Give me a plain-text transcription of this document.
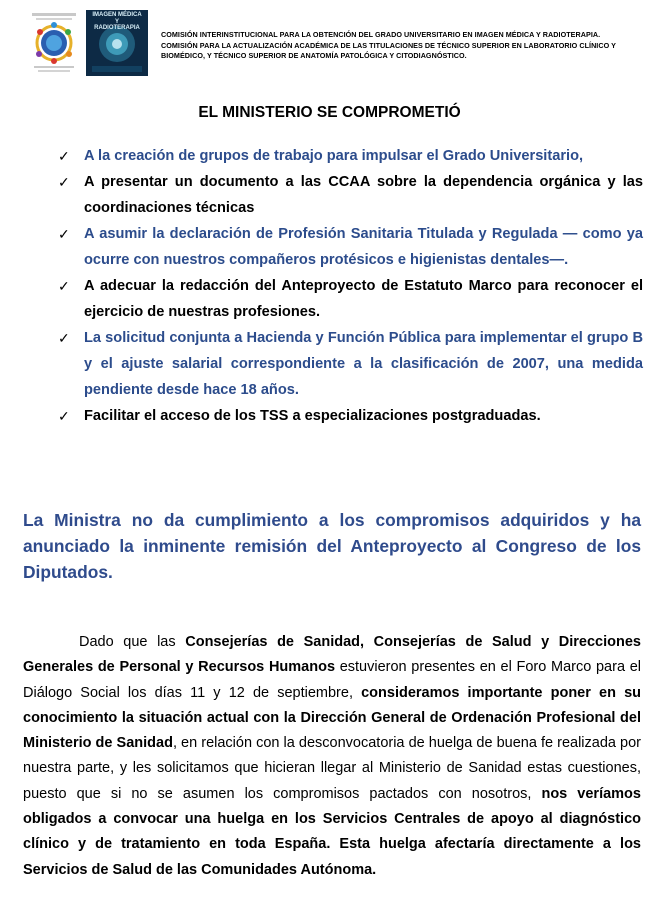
IMAGEN MÉDICA
Y
RADIOTERAPIA
COMISIÓN INTERINSTITUCIONAL PARA LA OBTENCIÓN DEL GRADO UNIVERSITARIO EN IMAGEN MÉDICA Y RADIOTERAPIA.
COMISIÓN PARA LA ACTUALIZACIÓN ACADÉMICA DE LAS TITULACIONES DE TÉCNICO SUPERIOR EN LABORATORIO CLÍNICO Y
BIOMÉDICO, Y TÉCNICO SUPERIOR DE ANATOMÍA PATOLÓGICA Y CITODIAGNÓSTICO.
EL MINISTERIO SE COMPROMETIÓ
✓ A la creación de grupos de trabajo para impulsar el Grado Universitario,
✓ A presentar un documento a las CCAA sobre la dependencia orgánica y las coordinaciones técnicas
✓ A asumir la declaración de Profesión Sanitaria Titulada y Regulada — como ya ocurre con nuestros compañeros protésicos e higienistas dentales—.
✓ A adecuar la redacción del Anteproyecto de Estatuto Marco para reconocer el ejercicio de nuestras profesiones.
✓ La solicitud conjunta a Hacienda y Función Pública para implementar el grupo B y el ajuste salarial correspondiente a la clasificación de 2007, una medida pendiente desde hace 18 años.
✓ Facilitar el acceso de los TSS a especializaciones postgraduadas.
La Ministra no da cumplimiento a los compromisos adquiridos y ha anunciado la inminente remisión del Anteproyecto al Congreso de los Diputados.
Dado que las Consejerías de Sanidad, Consejerías de Salud y Direcciones Generales de Personal y Recursos Humanos estuvieron presentes en el Foro Marco para el Diálogo Social los días 11 y 12 de septiembre, consideramos importante poner en su conocimiento la situación actual con la Dirección General de Ordenación Profesional del Ministerio de Sanidad, en relación con la desconvocatoria de huelga de buena fe realizada por nuestra parte, y les solicitamos que hicieran llegar al Ministerio de Sanidad estas cuestiones, puesto que si no se asumen los compromisos pactados con nosotros, nos veríamos obligados a convocar una huelga en los Servicios Centrales de apoyo al diagnóstico clínico y de tratamiento en toda España. Esta huelga afectaría directamente a los Servicios de Salud de las Comunidades Autónoma.
